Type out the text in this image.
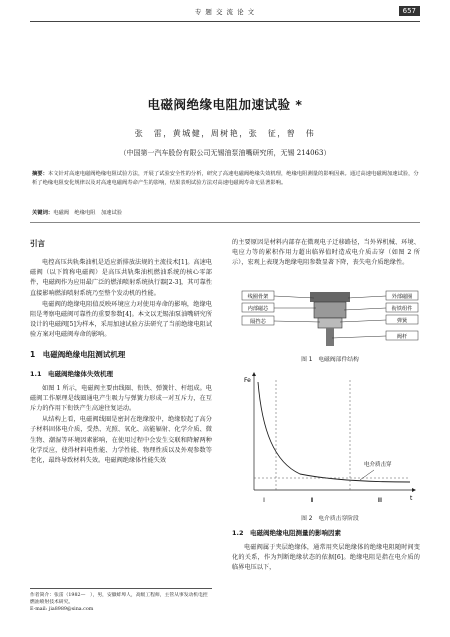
专 题 交 流 论 文	657
电磁阀绝缘电阻加速试验 *
张　雷，黄城健，周树艳，张　征，曾　伟
（中国第一汽车股份有限公司无锡油泵油嘴研究所，无锡 214063）
摘要：本文针对高速电磁阀绝缘电阻试验方法，开展了试验安全性的分析，研究了高速电磁阀绝缘失效机理，绝缘电阻测量的影响因素。通过高速电磁阀加速试验，分析了绝缘电阻变化规律以及对高速电磁阀寿命产生的影响，结果表明试验方法对高速电磁阀寿命无显著影响。
关键词：电磁阀　绝缘电阻　加速试验
引言
电控高压共轨柴油机是适应新排放法规的主流技术[1]。高速电磁阀（以下简称电磁阀）是高压共轨柴油机燃油系统的核心零部件，电磁阀作为应用最广泛的燃油喷射系统执行器[2-3]，其可靠性直接影响燃油喷射系统乃至整个发动机的性能。
电磁阀的绝缘电阻值反映环境应力对使用寿命的影响，绝缘电阻是考察电磁阀可靠性的重要参数[4]。本文以无锡油泵油嘴研究所设计的电磁阀[5]为样本，采用加速试验方法研究了当前绝缘电阻试验方案对电磁阀寿命的影响。
1　电磁阀绝缘电阻测试机理
1.1　电磁阀绝缘体失效机理
如图 1 所示，电磁阀主要由线圈、衔铁、弹簧针、杆组成。电磁阀工作原理是线圈通电产生吸力与弹簧力形成一对互斥力，在互斥力的作用下衔铁产生高速往复运动。
从结构上看，电磁阀线圈是密封在绝缘胶中，绝缘胶起了高分子材料固体电介质，受热、光照、氧化、高能辐射、化学介质、微生物、潮湿等环境因素影响，在使用过程中会发生交联和降解两种化学反应，使得材料电性能、力学性能、物理性质以及外观参数等老化，最终导致材料失效。电磁阀绝缘体性能失效
作者简介：张雷（1982—　），男，安徽蚌埠人，高级工程师，主管从事发动机电控燃油喷射技术研究。
E-mail: jia8989@sina.com
的主要原因是材料内部存在微观电子迁移路径，当外界机械、环境、电应力等的累积作用力超出临界值时造成电介质击穿（如图 2 所示），宏观上表现为绝缘电阻参数显著下降，丧失电介质绝缘性。
线圈骨架
内部磁芯
隔挡芯
外部磁圈
衔铁组件
弹簧
阀杆
图 1　电磁阀部件结构
Fe
t
Ⅰ	Ⅱ	Ⅲ
电介质击穿
图 2　电介质击穿阶段
1.2　电磁阀绝缘电阻测量的影响因素
电磁阀属于夹层绝缘体，通常用夹层绝缘体的绝缘电阻随时间变化的关系，作为判断绝缘状态的依据[6]。绝缘电阻是指在电介质的临界电压以下，
